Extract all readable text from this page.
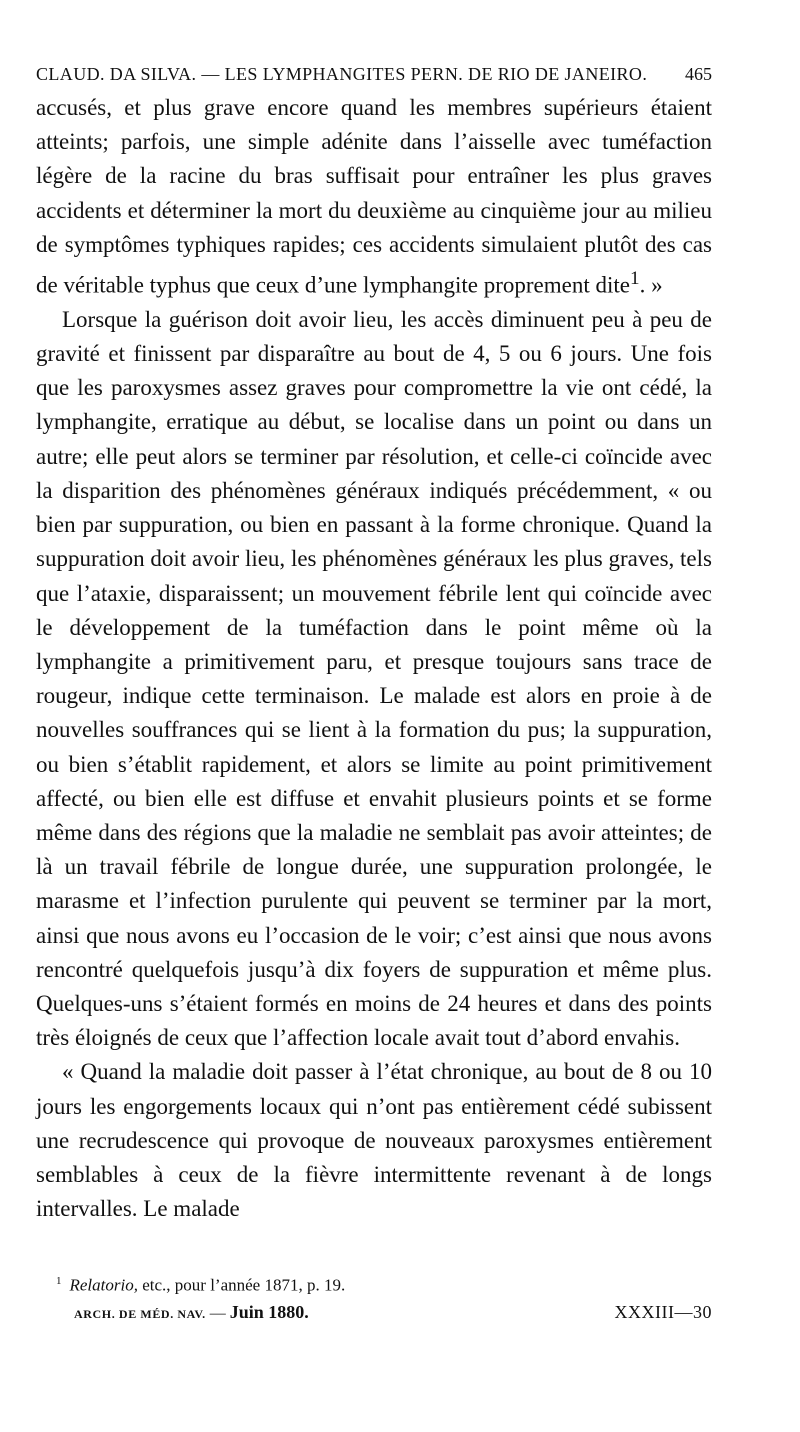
CLAUD. DA SILVA. — LES LYMPHANGITES PERN. DE RIO DE JANEIRO. 465

accusés, et plus grave encore quand les membres supérieurs étaient atteints; parfois, une simple adénite dans l’aisselle avec tuméfaction légère de la racine du bras suffisait pour entraîner les plus graves accidents et déterminer la mort du deuxième au cinquième jour au milieu de symptômes typhiques rapides; ces accidents simulaient plutôt des cas de véritable typhus que ceux d’une lymphangite proprement dite$^1$. »

Lorsque la guérison doit avoir lieu, les accès diminuent peu à peu de gravité et finissent par disparaître au bout de 4, 5 ou 6 jours. Une fois que les paroxysmes assez graves pour compromettre la vie ont cédé, la lymphangite, erratique au début, se localise dans un point ou dans un autre; elle peut alors se terminer par résolution, et celle-ci coïncide avec la disparition des phénomènes généraux indiqués précédemment, « ou bien par suppuration, ou bien en passant à la forme chronique. Quand la suppuration doit avoir lieu, les phénomènes généraux les plus graves, tels que l’ataxie, disparaissent; un mouvement fébrile lent qui coïncide avec le développement de la tuméfaction dans le point même où la lymphangite a primitivement paru, et presque toujours sans trace de rougeur, indique cette terminaison. Le malade est alors en proie à de nouvelles souffrances qui se lient à la formation du pus; la suppuration, ou bien s’établit rapidement, et alors se limite au point primitivement affecté, ou bien elle est diffuse et envahit plusieurs points et se forme même dans des régions que la maladie ne semblait pas avoir atteintes; de là un travail fébrile de longue durée, une suppuration prolongée, le marasme et l’infection purulente qui peuvent se terminer par la mort, ainsi que nous avons eu l’occasion de le voir; c’est ainsi que nous avons rencontré quelquefois jusqu’à dix foyers de suppuration et même plus. Quelques-uns s’étaient formés en moins de 24 heures et dans des points très éloignés de ceux que l’affection locale avait tout d’abord envahis.

« Quand la maladie doit passer à l’état chronique, au bout de 8 ou 10 jours les engorgements locaux qui n’ont pas entièrement cédé subissent une recrudescence qui provoque de nouveaux paroxysmes entièrement semblables à ceux de la fièvre intermittente revenant à de longs intervalles. Le malade

$^1$ Relatorio, etc., pour l’année 1871, p. 19.
ARCH. DE MÉD. NAV. — Juin 1880.	XXXIII—30
